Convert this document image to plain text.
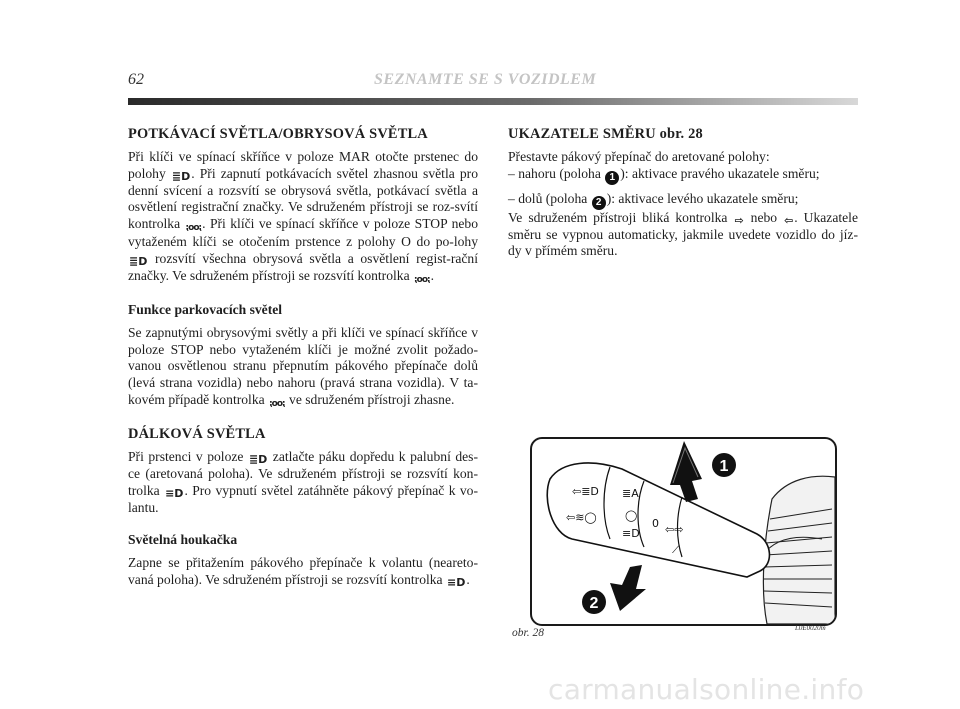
62	SEZNAMTE SE S VOZIDLEM
POTKÁVACÍ SVĚTLA/OBRYSOVÁ SVĚTLA

Při klíči ve spínací skříňce v poloze MAR otočte prstenec do polohy ≣D. Při zapnutí potkávacích světel zhasnou světla pro denní svícení a rozsvítí se obrysová světla, potkávací světla a osvětlení registrační značky. Ve sdruženém přístroji se roz-svítí kontrolka ⁏oo⁏. Při klíči ve spínací skříňce v poloze STOP nebo vytaženém klíči se otočením prstence z polohy O do po-lohy ≣D rozsvítí všechna obrysová světla a osvětlení regist-rační značky. Ve sdruženém přístroji se rozsvítí kontrolka ⁏oo⁏.

Funkce parkovacích světel

Se zapnutými obrysovými světly a při klíči ve spínací skříňce v poloze STOP nebo vytaženém klíči je možné zvolit požado-vanou osvětlenou stranu přepnutím pákového přepínače dolů (levá strana vozidla) nebo nahoru (pravá strana vozidla). V ta-kovém případě kontrolka ⁏oo⁏ ve sdruženém přístroji zhasne.

DÁLKOVÁ SVĚTLA

Při prstenci v poloze ≣D zatlačte páku dopředu k palubní des-ce (aretovaná poloha). Ve sdruženém přístroji se rozsvítí kon-trolka ≡D. Pro vypnutí světel zatáhněte pákový přepínač k vo-lantu.

Světelná houkačka

Zapne se přitažením pákového přepínače k volantu (neareto-vaná poloha). Ve sdruženém přístroji se rozsvítí kontrolka ≡D.

UKAZATELE SMĚRU obr. 28
Přestavte pákový přepínač do aretované polohy:
– nahoru (poloha 1 ): aktivace pravého ukazatele směru;
– dolů (poloha 2 ): aktivace levého ukazatele směru;

Ve sdruženém přístroji bliká kontrolka ⇨ nebo ⇦. Ukazatele směru se vypnou automaticky, jakmile uvedete vozidlo do jíz-dy v přímém směru.

⇦≣D
⇦≋◯
≣A
◯
≡D
0 ⇦⇨
⟋
1
2
obr. 28	L0E0020m
carmanualsonline.info
